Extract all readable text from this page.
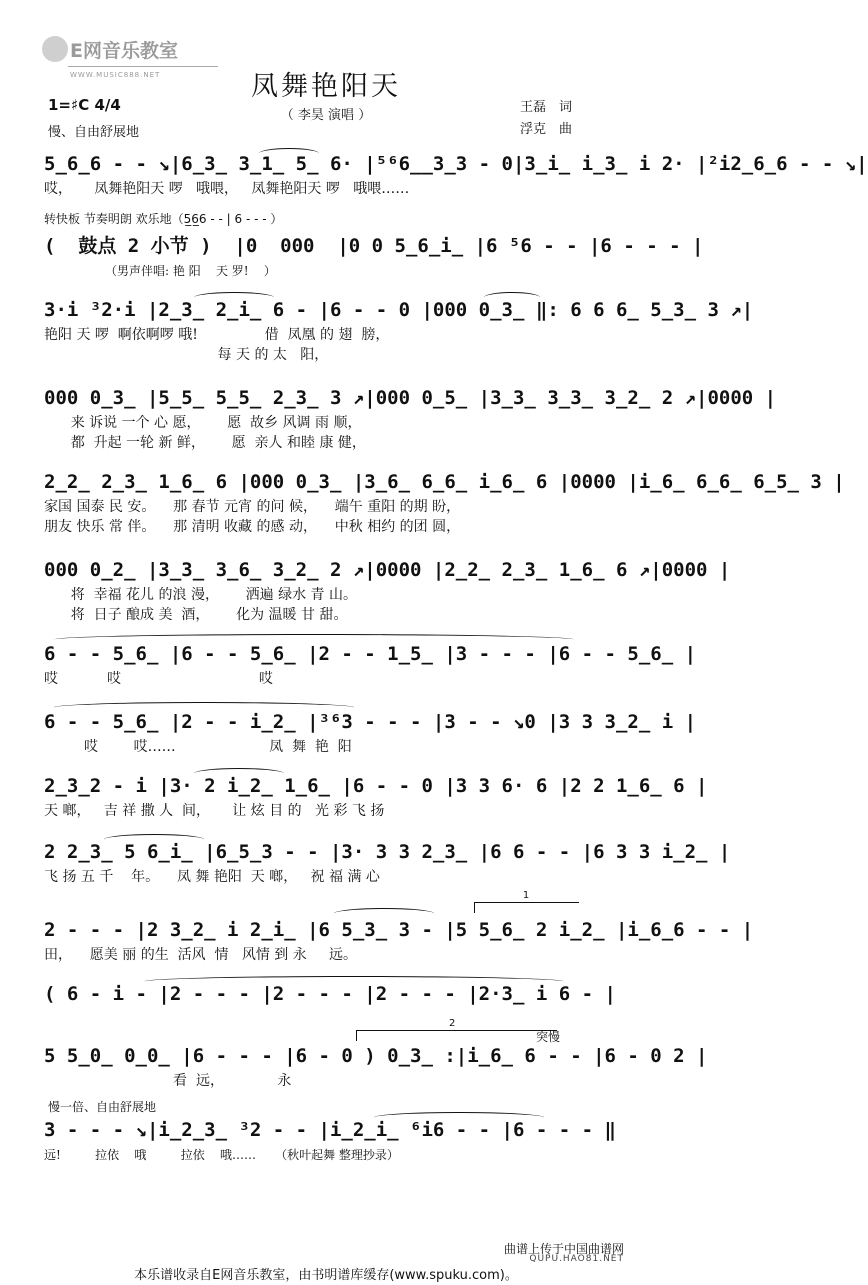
E网音乐教室
WWW.MUSIC888.NET	凤舞艳阳天
（ 李昊 演唱 ）
王磊　词
浮克　曲
1=♯C 4/4
慢、自由舒展地
5̲6̲6 - - ↘|6̲3̲ 3̲1̲ 5̲ 6· |⁵⁶6̲̲3̲3 - 0|3̲i̲ i̲3̲ i 2· |²i2̲6̲6 - - ↘|
哎，     凤舞艳阳天 啰   哦喂，   凤舞艳阳天 啰   哦喂……
转快板 节奏明朗 欢乐地（5̲6̲6 - - | 6 - - - ）
(  鼓点 2 小节 )  |0  000  |0 0 5̲6̲i̲ |6 ⁵6 - - |6 - - - |
（男声伴唱: 艳 阳    天 罗!    ）
3·i ³2·i |2̲3̲ 2̲i̲ 6 - |6 - - 0 |000 0̲3̲ ‖: 6 6 6̲ 5̲3̲ 3 ↗|
艳阳 天 啰  啊依啊啰 哦!               借  凤凰 的 翅  膀，
每 天 的 太   阳，
000 0̲3̲ |5̲5̲ 5̲5̲ 2̲3̲ 3 ↗|000 0̲5̲ |3̲3̲ 3̲3̲ 3̲2̲ 2 ↗|0000 |
来 诉说 一个 心 愿，      愿  故乡 风调 雨 顺，
都  升起 一轮 新 鲜，      愿  亲人 和睦 康 健，
2̲2̲ 2̲3̲ 1̲6̲ 6 |000 0̲3̲ |3̲6̲ 6̲6̲ i̲6̲ 6 |0000 |i̲6̲ 6̲6̲ 6̲5̲ 3 |
家国 国泰 民 安。    那 春节 元宵 的问 候，    端午 重阳 的期 盼，
朋友 快乐 常 伴。    那 清明 收藏 的感 动，    中秋 相约 的团 圆，
000 0̲2̲ |3̲3̲ 3̲6̲ 3̲2̲ 2 ↗|0000 |2̲2̲ 2̲3̲ 1̲6̲ 6 ↗|0000 |
将  幸福 花儿 的浪 漫，      洒遍 绿水 青 山。
将  日子 酿成 美  酒，      化为 温暖 甘 甜。
6 - - 5̲6̲ |6 - - 5̲6̲ |2 - - 1̲5̲ |3 - - - |6 - - 5̲6̲ |
哎           哎                               哎
6 - - 5̲6̲ |2 - - i̲2̲ |³⁶3 - - - |3 - - ↘0 |3 3 3̲2̲ i |
哎        哎……                     凤  舞  艳  阳
2̲3̲2 - i |3· 2 i̲2̲ 1̲6̲ |6 - - 0 |3 3 6· 6 |2 2 1̲6̲ 6 |
天 啷，   吉 祥 撒 人  间，     让 炫 目 的   光 彩 飞 扬
2 2̲3̲ 5 6̲i̲ |6̲5̲3 - - |3· 3 3 2̲3̲ |6 6 - - |6 3 3 i̲2̲ |
飞 扬 五 千    年。    凤 舞 艳阳  天 啷，   祝 福 满 心
1
2 - - - |2 3̲2̲ i 2̲i̲ |6 5̲3̲ 3 - |5 5̲6̲ 2 i̲2̲ |i̲6̲6 - - |
田，    愿美 丽 的生  活风  情   风情 到 永     远。
( 6 - i - |2 - - - |2 - - - |2 - - - |2·3̲ i 6 - |
2
突慢
5 5̲0̲ 0̲0̲ |6 - - - |6 - 0 ) 0̲3̲ :|i̲6̲ 6 - - |6 - 0 2 |
看  远，            永
慢一倍、自由舒展地
3 - - - ↘|i̲2̲3̲ ³2 - - |i̲2̲i̲ ⁶i6 - - |6 - - - ‖
远!         拉依    哦         拉依    哦……     （秋叶起舞 整理抄录）
曲谱上传于中国曲谱网
QUPU.HAO81.NET
本乐谱收录自E网音乐教室，由书明谱库缓存(www.spuku.com)。
